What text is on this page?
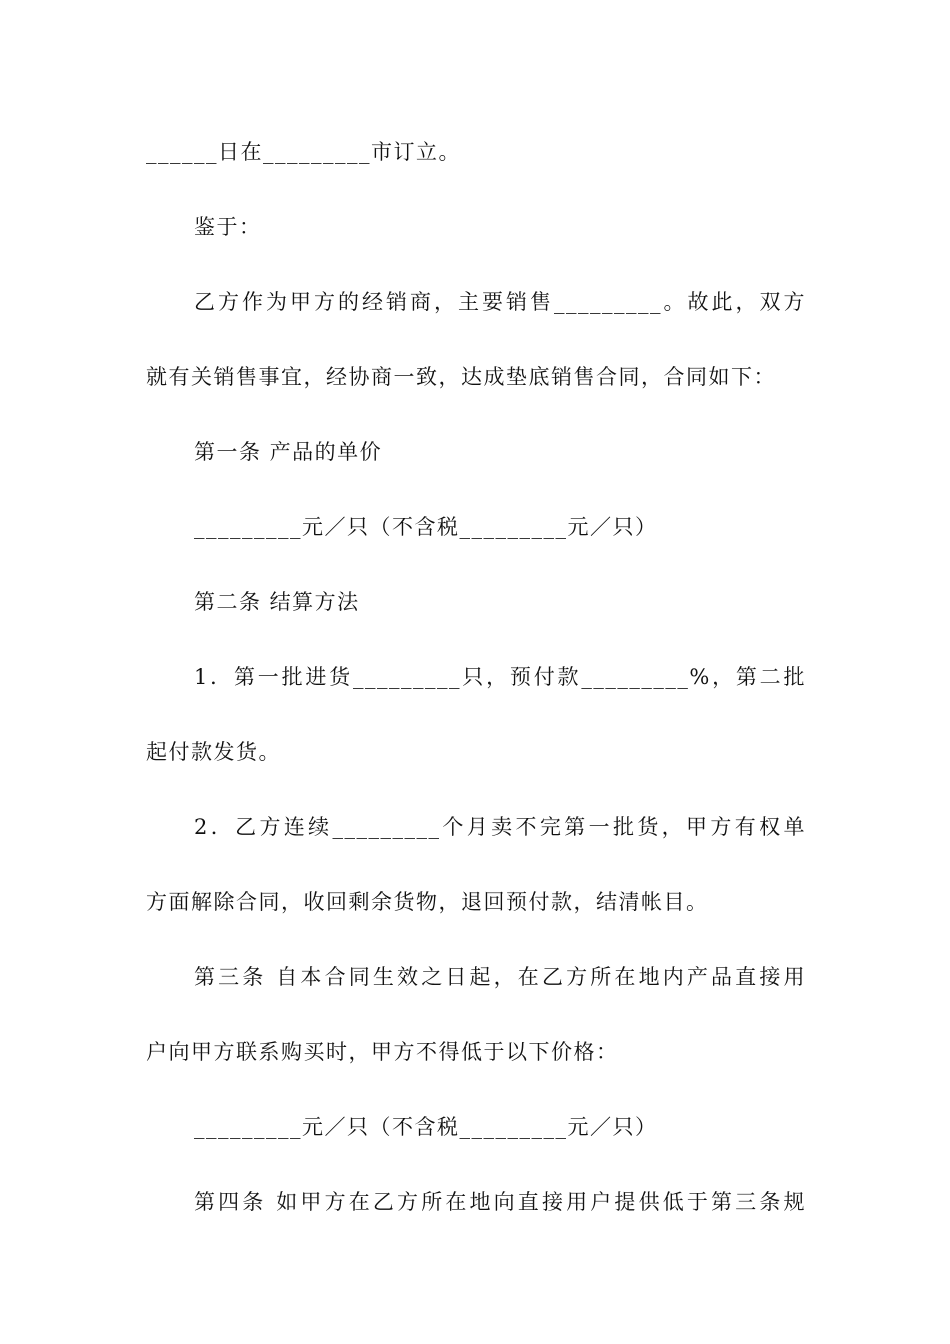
______日在_________市订立。
鉴于：
乙方作为甲方的经销商，主要销售_________。故此，双方
就有关销售事宜，经协商一致，达成垫底销售合同，合同如下：
第一条 产品的单价
_________元／只（不含税_________元／只）
第二条 结算方法
1．第一批进货_________只，预付款_________%，第二批
起付款发货。
2．乙方连续_________个月卖不完第一批货，甲方有权单
方面解除合同，收回剩余货物，退回预付款，结清帐目。
第三条 自本合同生效之日起，在乙方所在地内产品直接用
户向甲方联系购买时，甲方不得低于以下价格：
_________元／只（不含税_________元／只）
第四条 如甲方在乙方所在地向直接用户提供低于第三条规
